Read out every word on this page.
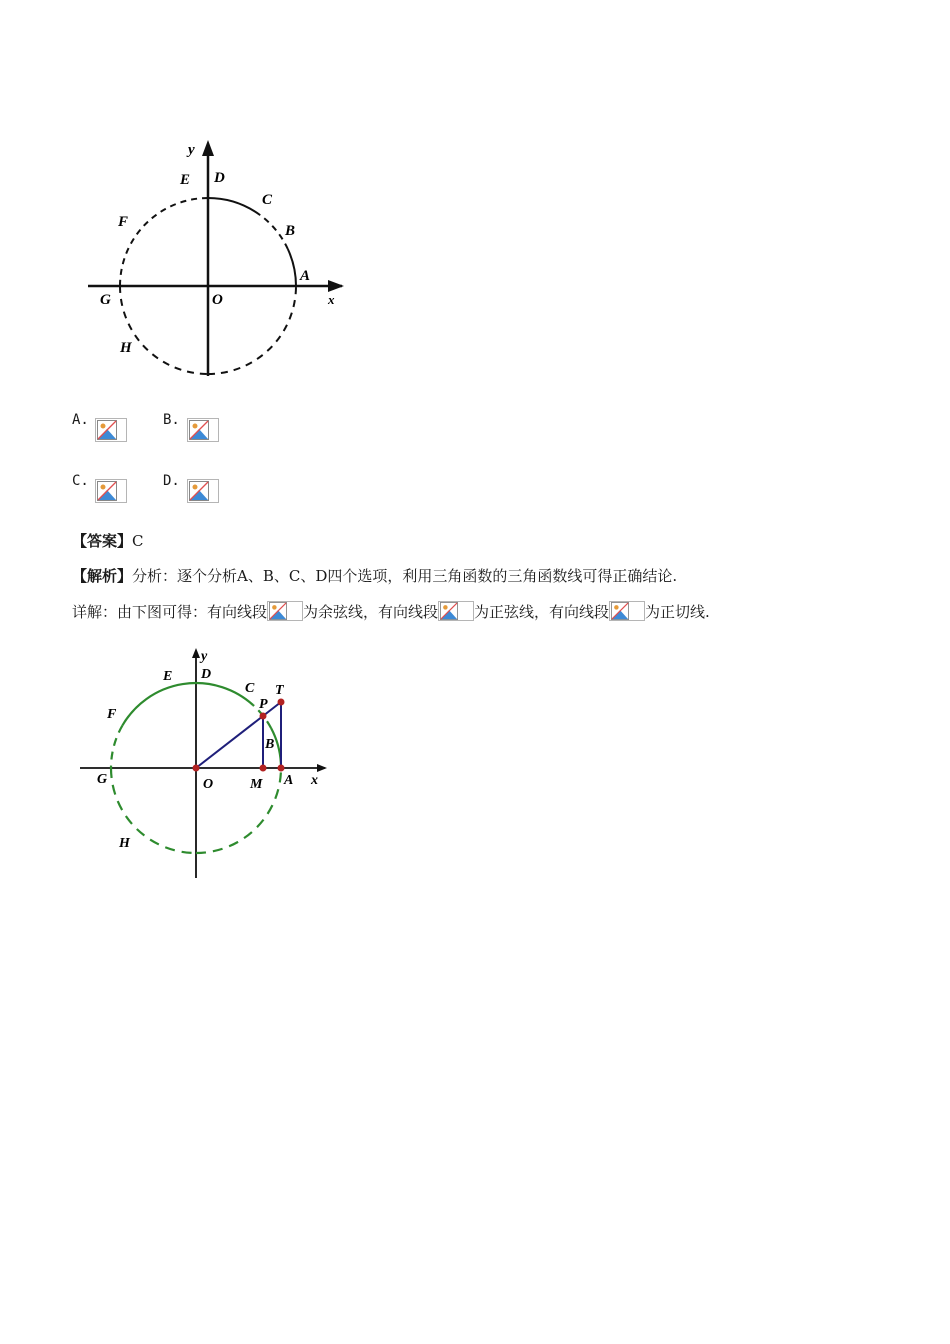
y
x
O
A
B
C
D
E
F
G
H
A.	B.
C.	D.
【答案】C
【解析】分析：逐个分析A、B、C、D四个选项，利用三角函数的三角函数线可得正确结论.
详解：由下图可得：有向线段 为余弦线，有向线段 为正弦线，有向线段 为正切线.
y
x
O	A
B
C
D
E
F
G
H
P
T
M
